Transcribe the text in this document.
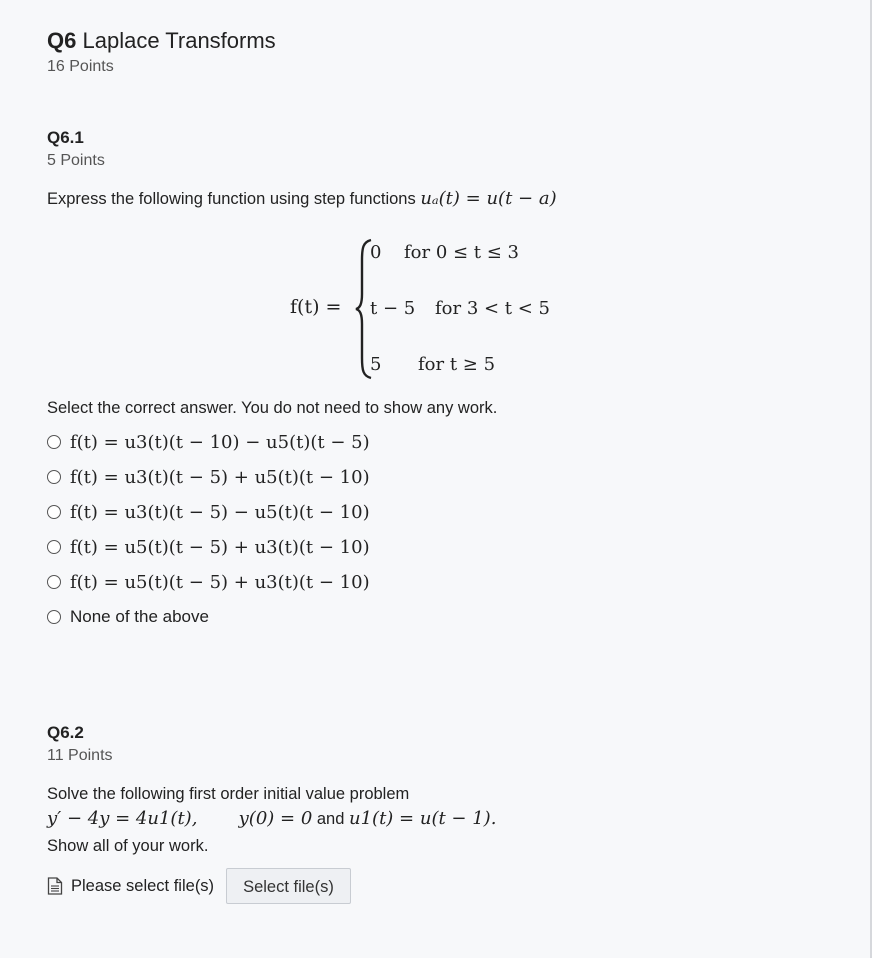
Q6 Laplace Transforms
16 Points
Q6.1
5 Points
Express the following function using step functions uₐ(t) = u(t − a)
f(t) =
0 for 0 ≤ t ≤ 3
t − 5 for 3 < t < 5
5 for t ≥ 5
Select the correct answer. You do not need to show any work.
f(t) = u3(t)(t − 10) − u5(t)(t − 5)
f(t) = u3(t)(t − 5) + u5(t)(t − 10)
f(t) = u3(t)(t − 5) − u5(t)(t − 10)
f(t) = u5(t)(t − 5) + u3(t)(t − 10)
f(t) = u5(t)(t − 5) + u3(t)(t − 10)
None of the above
Q6.2
11 Points
Solve the following first order initial value problem
y′ − 4y = 4u1(t), y(0) = 0 and u1(t) = u(t − 1).
Show all of your work.
Please select file(s)	Select file(s)
